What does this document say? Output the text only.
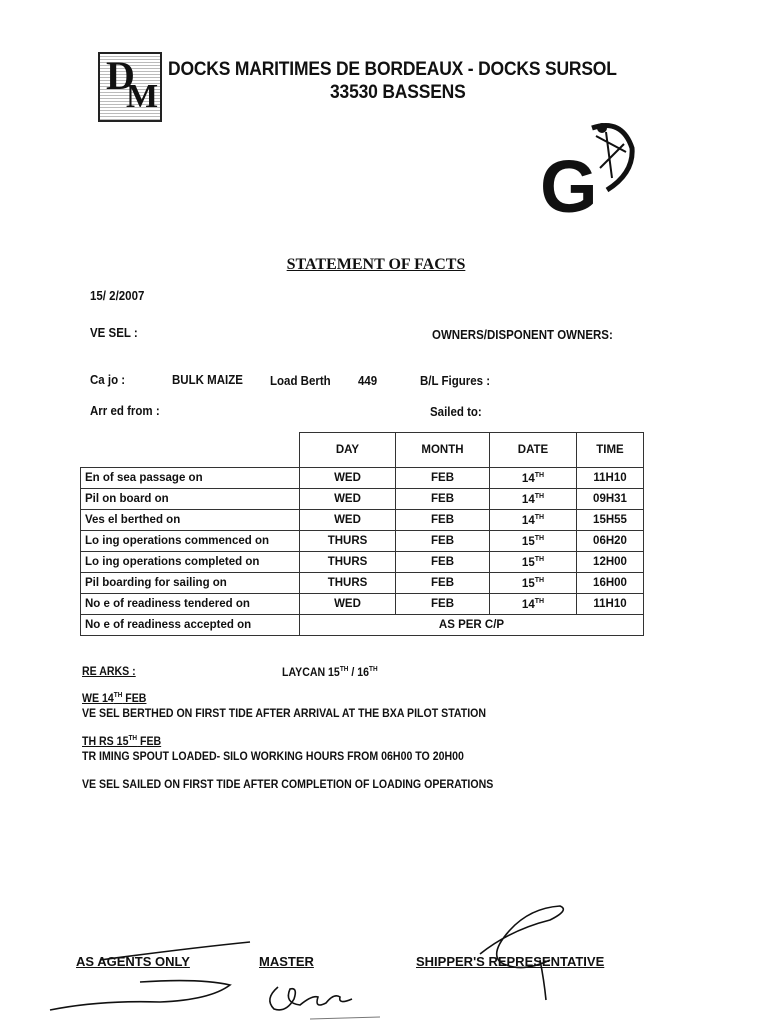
D
M
DOCKS MARITIMES DE BORDEAUX - DOCKS SURSOL
33530 BASSENS
G
STATEMENT OF FACTS
15/ 2/2007
VE SEL :	OWNERS/DISPONENT OWNERS:
Ca jo :	BULK MAIZE Load Berth 449	B/L Figures :
Arr ed from :	Sailed to:
	DAY	MONTH	DATE	TIME
En of sea passage on	WED	FEB	14TH	11H10
Pil on board on	WED	FEB	14TH	09H31
Ves el berthed on	WED	FEB	14TH	15H55
Lo ing operations commenced on	THURS	FEB	15TH	06H20
Lo ing operations completed on	THURS	FEB	15TH	12H00
Pil boarding for sailing on	THURS	FEB	15TH	16H00
No e of readiness tendered on	WED	FEB	14TH	11H10
No e of readiness accepted on	AS PER C/P			
RE ARKS :	LAYCAN 15TH / 16TH
WE 14TH FEB
VE SEL BERTHED ON FIRST TIDE AFTER ARRIVAL AT THE BXA PILOT STATION
TH RS 15TH FEB
TR IMING SPOUT LOADED- SILO WORKING HOURS FROM 06H00 TO 20H00
VE SEL SAILED ON FIRST TIDE AFTER COMPLETION OF LOADING OPERATIONS
AS AGENTS ONLY	MASTER	SHIPPER'S REPRESENTATIVE
